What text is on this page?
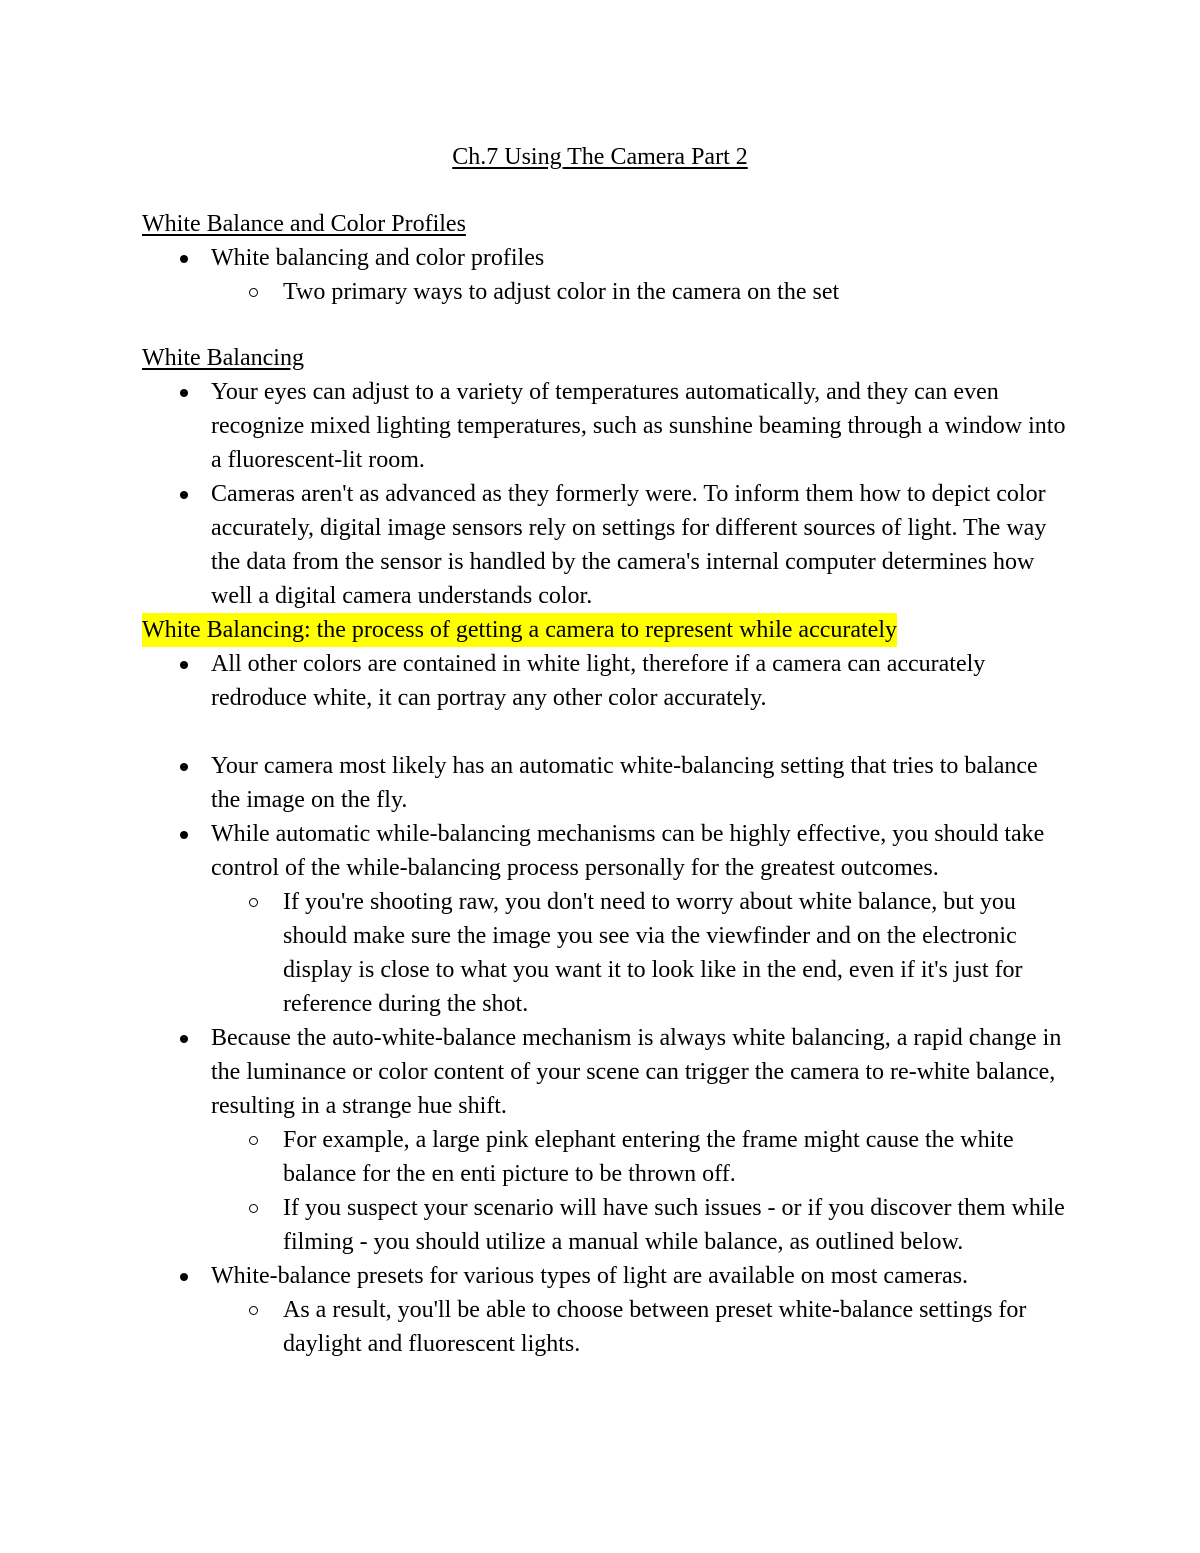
Ch.7 Using The Camera Part 2
White Balance and Color Profiles
White balancing and color profiles
Two primary ways to adjust color in the camera on the set
White Balancing
Your eyes can adjust to a variety of temperatures automatically, and they can even recognize mixed lighting temperatures, such as sunshine beaming through a window into a fluorescent-lit room.
Cameras aren't as advanced as they formerly were. To inform them how to depict color accurately, digital image sensors rely on settings for different sources of light. The way the data from the sensor is handled by the camera's internal computer determines how well a digital camera understands color.
White Balancing: the process of getting a camera to represent while accurately
All other colors are contained in white light, therefore if a camera can accurately redroduce white, it can portray any other color accurately.
Your camera most likely has an automatic white-balancing setting that tries to balance the image on the fly.
While automatic while-balancing mechanisms can be highly effective, you should take control of the while-balancing process personally for the greatest outcomes.
If you're shooting raw, you don't need to worry about white balance, but you should make sure the image you see via the viewfinder and on the electronic display is close to what you want it to look like in the end, even if it's just for reference during the shot.
Because the auto-white-balance mechanism is always white balancing, a rapid change in the luminance or color content of your scene can trigger the camera to re-white balance, resulting in a strange hue shift.
For example, a large pink elephant entering the frame might cause the white balance for the en enti picture to be thrown off.
If you suspect your scenario will have such issues - or if you discover them while filming - you should utilize a manual while balance, as outlined below.
White-balance presets for various types of light are available on most cameras.
As a result, you'll be able to choose between preset white-balance settings for daylight and fluorescent lights.
